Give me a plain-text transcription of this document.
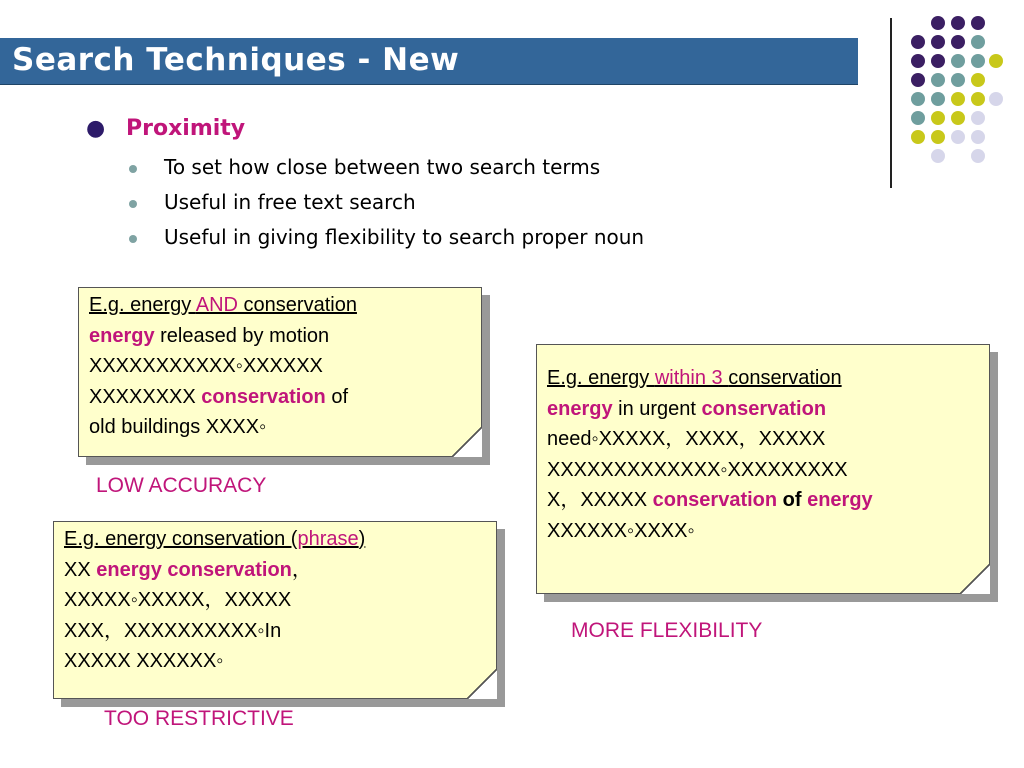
Search Techniques - New
● Proximity
To set how close between two search terms
Useful in free text search
Useful in giving flexibility to search proper noun
E.g. energy AND conservation
energy released by motion
XXXXXXXXXXX◦XXXXXX
XXXXXXXX conservation of
old buildings XXXX◦
LOW ACCURACY
E.g. energy within 3 conservation
energy in urgent conservation
need◦XXXXX，XXXX，XXXXX
XXXXXXXXXXXXX◦XXXXXXXXX
X，XXXXX conservation of energy
XXXXXX◦XXXX◦
MORE FLEXIBILITY
E.g. energy conservation (phrase)
XX energy conservation，
XXXXX◦XXXXX，XXXXX
XXX，XXXXXXXXXX◦In
XXXXX XXXXXX◦
TOO RESTRICTIVE
